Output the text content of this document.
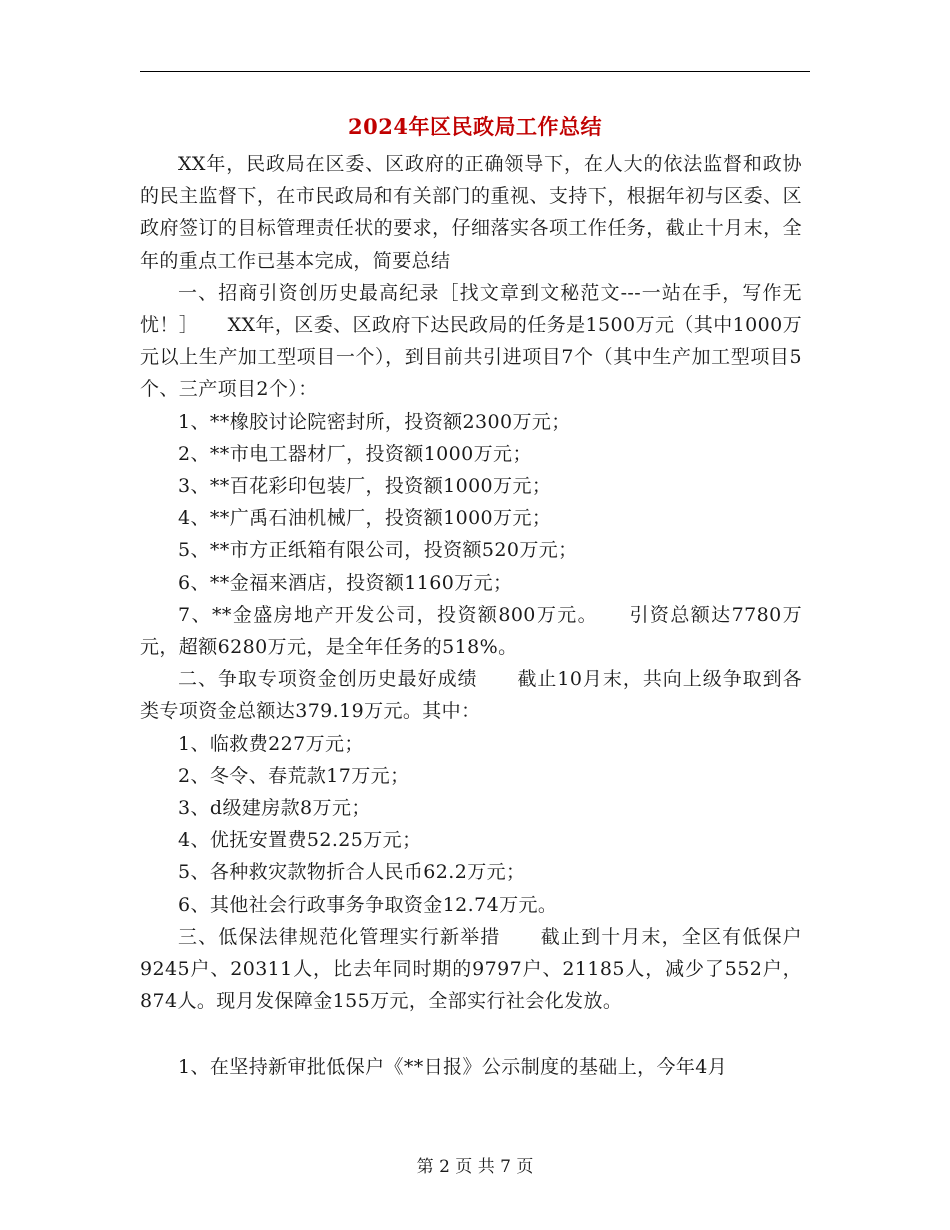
2024年区民政局工作总结

XX年，民政局在区委、区政府的正确领导下，在人大的依法监督和政协的民主监督下，在市民政局和有关部门的重视、支持下，根据年初与区委、区政府签订的目标管理责任状的要求，仔细落实各项工作任务，截止十月末，全年的重点工作已基本完成，简要总结

一、招商引资创历史最高纪录［找文章到文秘范文---一站在手，写作无忧！］　　XX年，区委、区政府下达民政局的任务是1500万元（其中1000万元以上生产加工型项目一个），到目前共引进项目7个（其中生产加工型项目5个、三产项目2个）：

1、**橡胶讨论院密封所，投资额2300万元；

2、**市电工器材厂，投资额1000万元；

3、**百花彩印包装厂，投资额1000万元；

4、**广禹石油机械厂，投资额1000万元；

5、**市方正纸箱有限公司，投资额520万元；

6、**金福来酒店，投资额1160万元；

7、**金盛房地产开发公司，投资额800万元。　　引资总额达7780万元，超额6280万元，是全年任务的518%。

二、争取专项资金创历史最好成绩　　截止10月末，共向上级争取到各类专项资金总额达379.19万元。其中：

1、临救费227万元；

2、冬令、春荒款17万元；

3、d级建房款8万元；

4、优抚安置费52.25万元；

5、各种救灾款物折合人民币62.2万元；

6、其他社会行政事务争取资金12.74万元。

三、低保法律规范化管理实行新举措　　截止到十月末，全区有低保户9245户、20311人，比去年同时期的9797户、21185人，减少了552户，874人。现月发保障金155万元，全部实行社会化发放。

1、在坚持新审批低保户《**日报》公示制度的基础上，今年4月

第 2 页 共 7 页
